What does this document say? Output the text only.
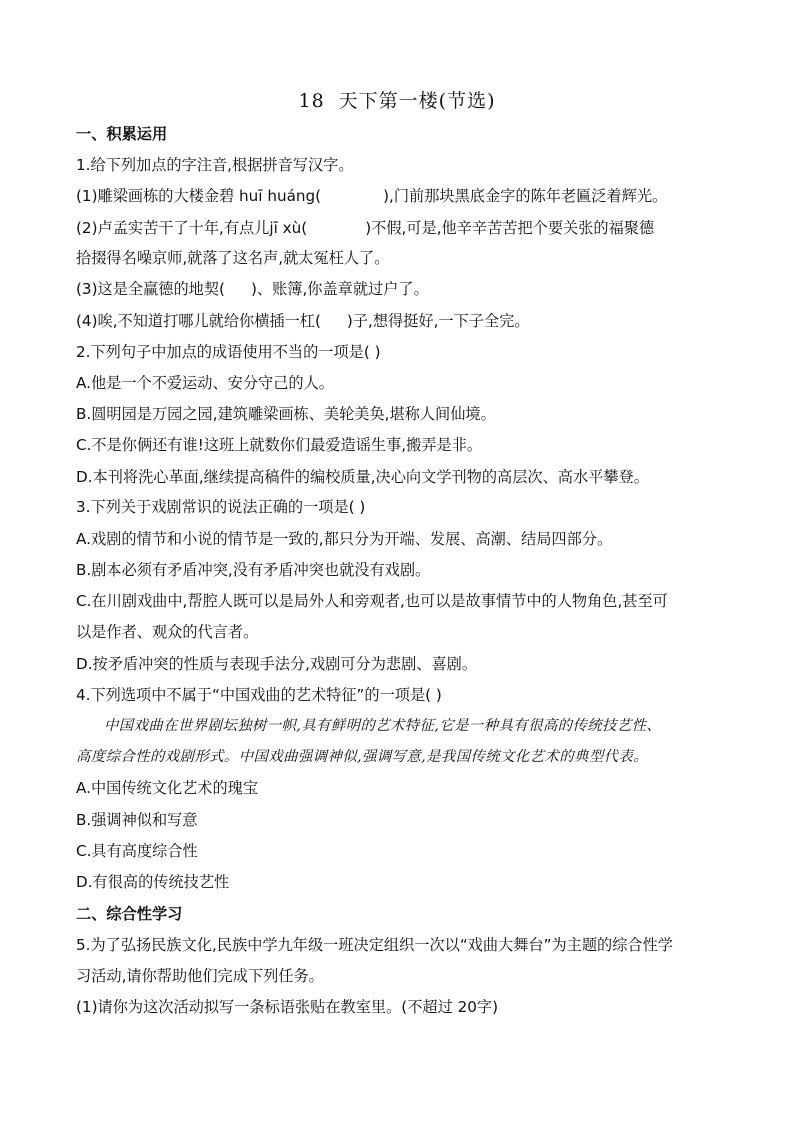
18 天下第一楼(节选)
一、积累运用
1.给下列加点的字注音,根据拼音写汉字。
(1)雕梁画栋的大楼金碧 huī huáng(	),门前那块黑底金字的陈年老匾泛着辉光。
(2)卢孟实苦干了十年,有点儿jī xù(	)不假,可是,他辛辛苦苦把个要关张的福聚德
拾掇得名噪京师,就落了这名声,就太冤枉人了。
(3)这是全赢德的地契( )、账簿,你盖章就过户了。
(4)唉,不知道打哪儿就给你横插一杠( )子,想得挺好,一下子全完。
2.下列句子中加点的成语使用不当的一项是( )
A.他是一个不爱运动、安分守己的人。
B.圆明园是万园之园,建筑雕梁画栋、美轮美奂,堪称人间仙境。
C.不是你俩还有谁!这班上就数你们最爱造谣生事,搬弄是非。
D.本刊将洗心革面,继续提高稿件的编校质量,决心向文学刊物的高层次、高水平攀登。
3.下列关于戏剧常识的说法正确的一项是( )
A.戏剧的情节和小说的情节是一致的,都只分为开端、发展、高潮、结局四部分。
B.剧本必须有矛盾冲突,没有矛盾冲突也就没有戏剧。
C.在川剧戏曲中,帮腔人既可以是局外人和旁观者,也可以是故事情节中的人物角色,甚至可
以是作者、观众的代言者。
D.按矛盾冲突的性质与表现手法分,戏剧可分为悲剧、喜剧。
4.下列选项中不属于“中国戏曲的艺术特征”的一项是( )
中国戏曲在世界剧坛独树一帜,具有鲜明的艺术特征,它是一种具有很高的传统技艺性、
高度综合性的戏剧形式。中国戏曲强调神似,强调写意,是我国传统文化艺术的典型代表。
A.中国传统文化艺术的瑰宝
B.强调神似和写意
C.具有高度综合性
D.有很高的传统技艺性
二、综合性学习
5.为了弘扬民族文化,民族中学九年级一班决定组织一次以“戏曲大舞台”为主题的综合性学
习活动,请你帮助他们完成下列任务。
(1)请你为这次活动拟写一条标语张贴在教室里。(不超过 20字)
